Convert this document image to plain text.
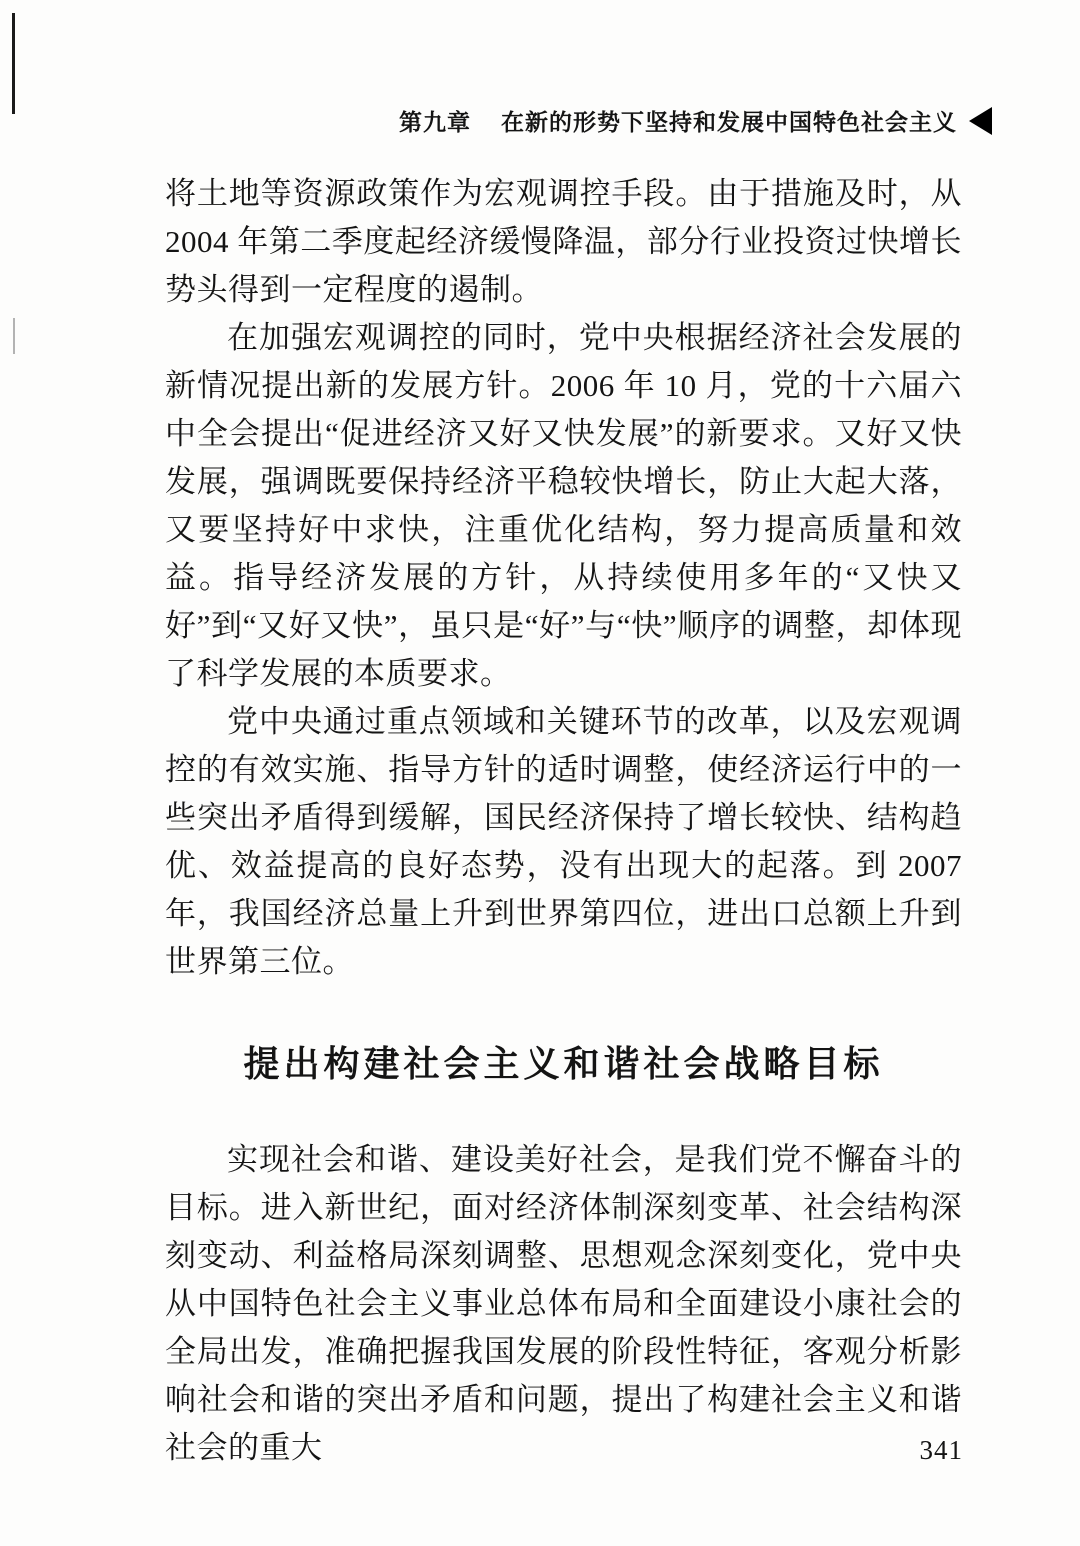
第九章 在新的形势下坚持和发展中国特色社会主义

将土地等资源政策作为宏观调控手段。由于措施及时，从 2004 年第二季度起经济缓慢降温，部分行业投资过快增长势头得到一定程度的遏制。

在加强宏观调控的同时，党中央根据经济社会发展的新情况提出新的发展方针。2006 年 10 月，党的十六届六中全会提出“促进经济又好又快发展”的新要求。又好又快发展，强调既要保持经济平稳较快增长，防止大起大落，又要坚持好中求快，注重优化结构，努力提高质量和效益。指导经济发展的方针，从持续使用多年的“又快又好”到“又好又快”，虽只是“好”与“快”顺序的调整，却体现了科学发展的本质要求。

党中央通过重点领域和关键环节的改革，以及宏观调控的有效实施、指导方针的适时调整，使经济运行中的一些突出矛盾得到缓解，国民经济保持了增长较快、结构趋优、效益提高的良好态势，没有出现大的起落。到 2007 年，我国经济总量上升到世界第四位，进出口总额上升到世界第三位。

提出构建社会主义和谐社会战略目标

实现社会和谐、建设美好社会，是我们党不懈奋斗的目标。进入新世纪，面对经济体制深刻变革、社会结构深刻变动、利益格局深刻调整、思想观念深刻变化，党中央从中国特色社会主义事业总体布局和全面建设小康社会的全局出发，准确把握我国发展的阶段性特征，客观分析影响社会和谐的突出矛盾和问题，提出了构建社会主义和谐社会的重大	341
